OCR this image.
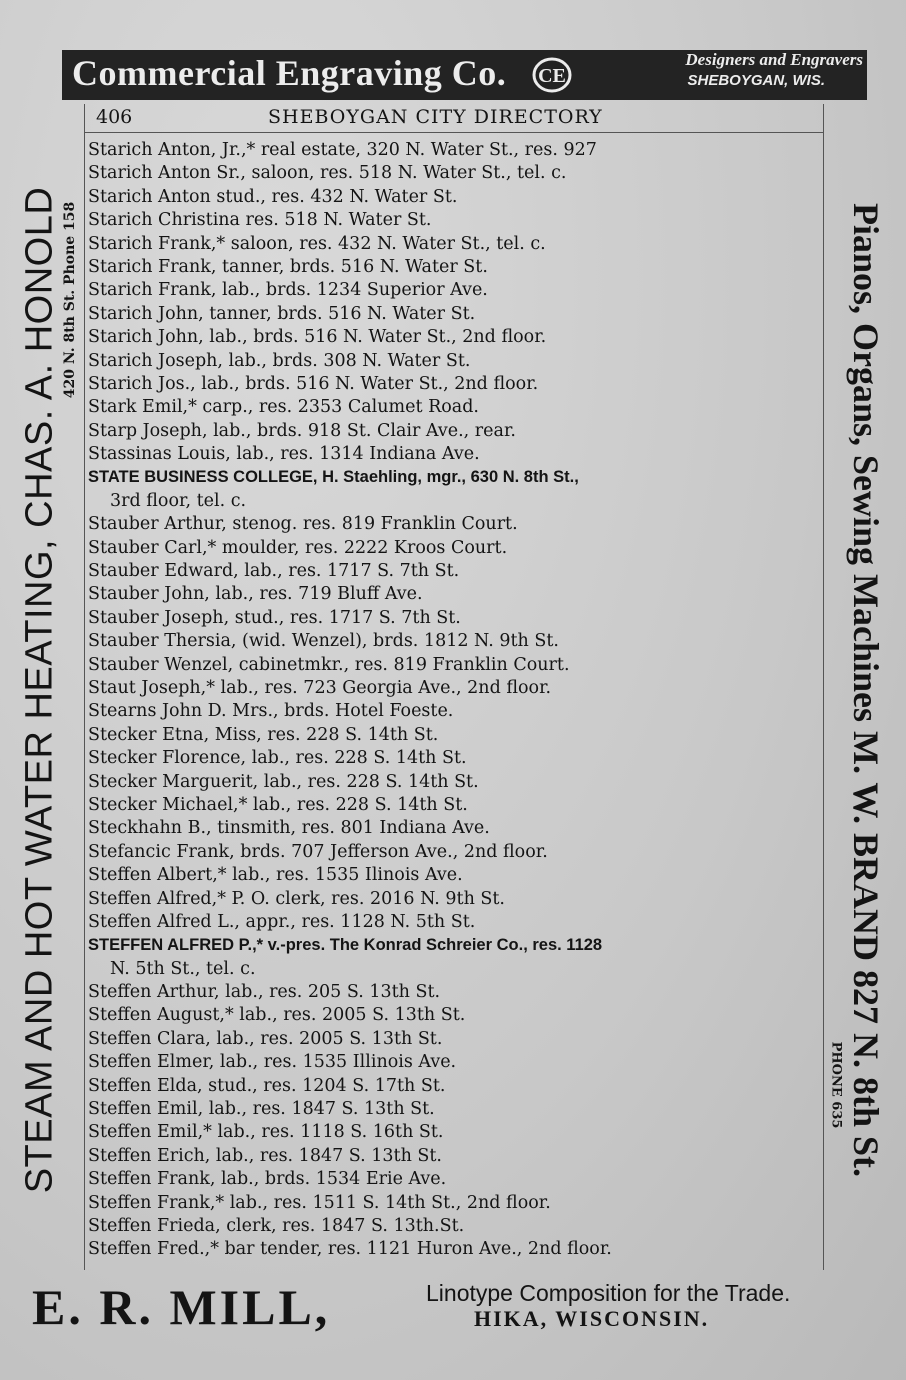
Commercial Engraving Co. CE
Designers and Engravers
SHEBOYGAN, WIS.
406	SHEBOYGAN CITY DIRECTORY
Starich Anton, Jr.,* real estate, 320 N. Water St., res. 927
Starich Anton Sr., saloon, res. 518 N. Water St., tel. c.
Starich Anton stud., res. 432 N. Water St.
Starich Christina res. 518 N. Water St.
Starich Frank,* saloon, res. 432 N. Water St., tel. c.
Starich Frank, tanner, brds. 516 N. Water St.
Starich Frank, lab., brds. 1234 Superior Ave.
Starich John, tanner, brds. 516 N. Water St.
Starich John, lab., brds. 516 N. Water St., 2nd floor.
Starich Joseph, lab., brds. 308 N. Water St.
Starich Jos., lab., brds. 516 N. Water St., 2nd floor.
Stark Emil,* carp., res. 2353 Calumet Road.
Starp Joseph, lab., brds. 918 St. Clair Ave., rear.
Stassinas Louis, lab., res. 1314 Indiana Ave.
STATE BUSINESS COLLEGE, H. Staehling, mgr., 630 N. 8th St.,
3rd floor, tel. c.
Stauber Arthur, stenog. res. 819 Franklin Court.
Stauber Carl,* moulder, res. 2222 Kroos Court.
Stauber Edward, lab., res. 1717 S. 7th St.
Stauber John, lab., res. 719 Bluff Ave.
Stauber Joseph, stud., res. 1717 S. 7th St.
Stauber Thersia, (wid. Wenzel), brds. 1812 N. 9th St.
Stauber Wenzel, cabinetmkr., res. 819 Franklin Court.
Staut Joseph,* lab., res. 723 Georgia Ave., 2nd floor.
Stearns John D. Mrs., brds. Hotel Foeste.
Stecker Etna, Miss, res. 228 S. 14th St.
Stecker Florence, lab., res. 228 S. 14th St.
Stecker Marguerit, lab., res. 228 S. 14th St.
Stecker Michael,* lab., res. 228 S. 14th St.
Steckhahn B., tinsmith, res. 801 Indiana Ave.
Stefancic Frank, brds. 707 Jefferson Ave., 2nd floor.
Steffen Albert,* lab., res. 1535 Ilinois Ave.
Steffen Alfred,* P. O. clerk, res. 2016 N. 9th St.
Steffen Alfred L., appr., res. 1128 N. 5th St.
STEFFEN ALFRED P.,* v.-pres. The Konrad Schreier Co., res. 1128
N. 5th St., tel. c.
Steffen Arthur, lab., res. 205 S. 13th St.
Steffen August,* lab., res. 2005 S. 13th St.
Steffen Clara, lab., res. 2005 S. 13th St.
Steffen Elmer, lab., res. 1535 Illinois Ave.
Steffen Elda, stud., res. 1204 S. 17th St.
Steffen Emil, lab., res. 1847 S. 13th St.
Steffen Emil,* lab., res. 1118 S. 16th St.
Steffen Erich, lab., res. 1847 S. 13th St.
Steffen Frank, lab., brds. 1534 Erie Ave.
Steffen Frank,* lab., res. 1511 S. 14th St., 2nd floor.
Steffen Frieda, clerk, res. 1847 S. 13th.St.
Steffen Fred.,* bar tender, res. 1121 Huron Ave., 2nd floor.
STEAM AND HOT WATER HEATING, CHAS. A. HONOLD 420 N. 8th St. Phone 158	Pianos, Organs, Sewing Machines M. W. BRAND 827 N. 8th St.
PHONE 635
E. R. MILL,	Linotype Composition for the Trade.
HIKA, WISCONSIN.
